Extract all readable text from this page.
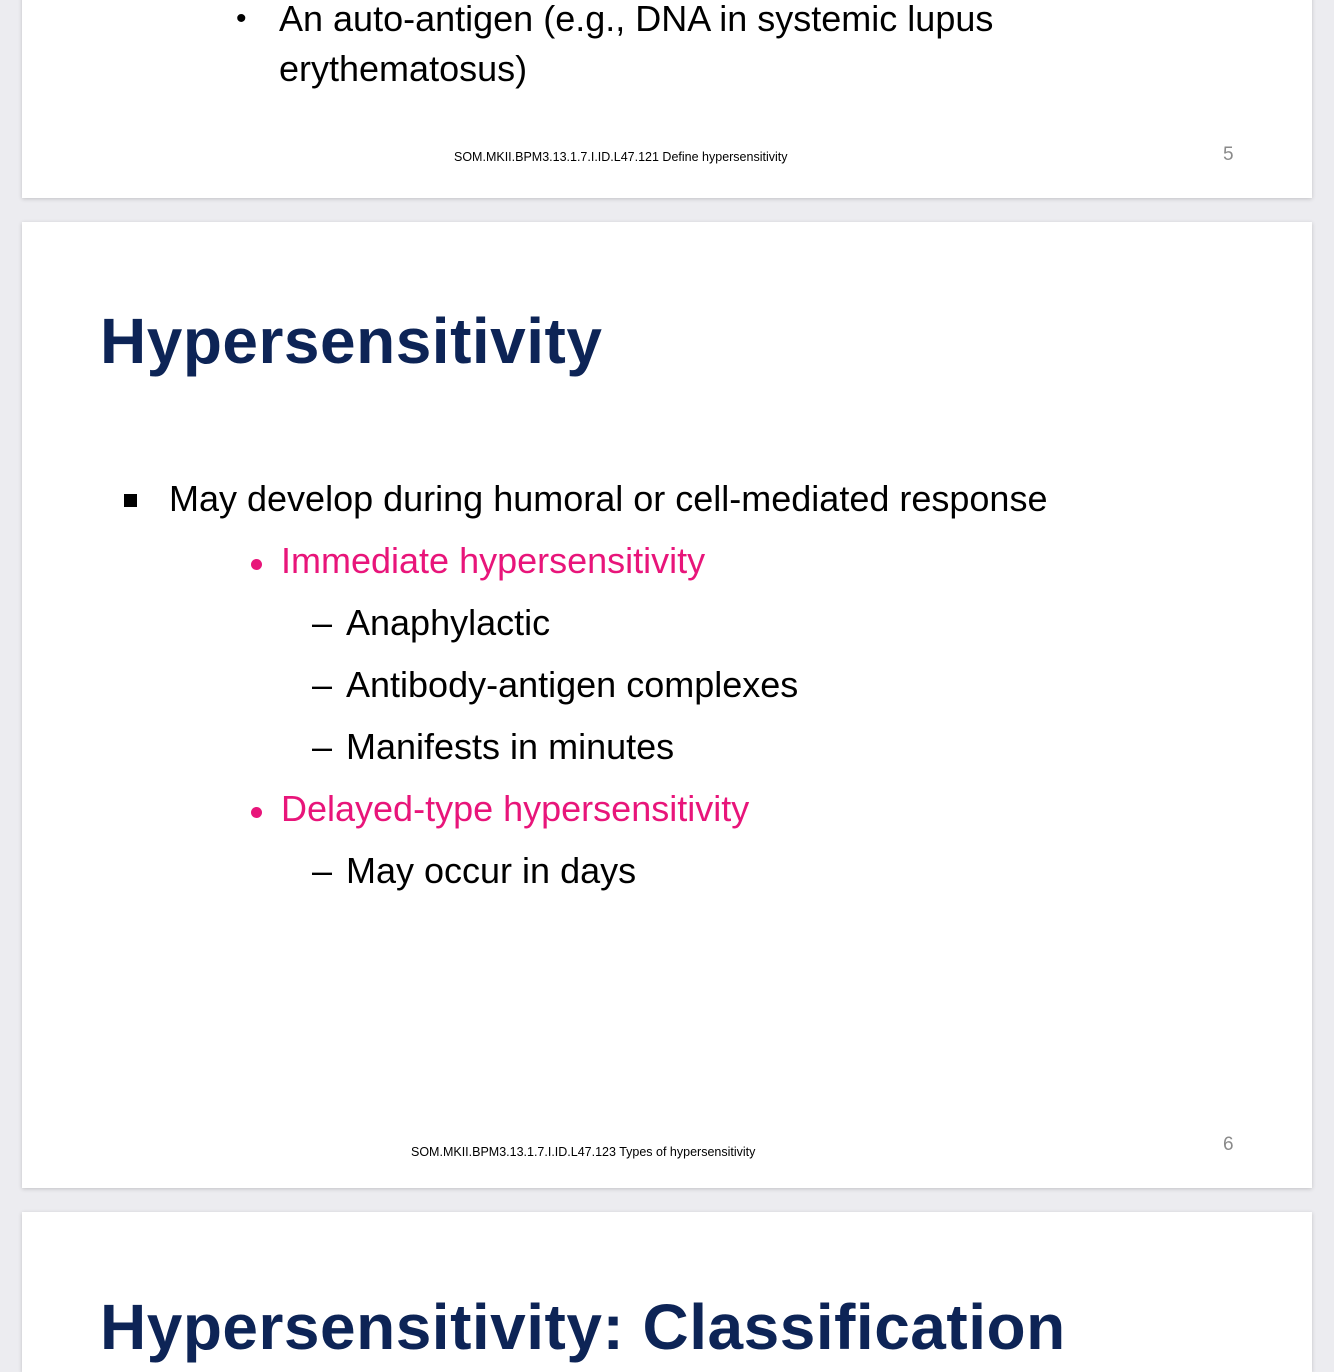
• An auto-antigen (e.g., DNA in systemic lupus
erythematosus)
SOM.MKII.BPM3.13.1.7.I.ID.L47.121 Define hypersensitivity	5
Hypersensitivity
May develop during humoral or cell-mediated response
Immediate hypersensitivity
– Anaphylactic
– Antibody-antigen complexes
– Manifests in minutes
Delayed-type hypersensitivity
– May occur in days
SOM.MKII.BPM3.13.1.7.I.ID.L47.123 Types of hypersensitivity	6
Hypersensitivity: Classification
